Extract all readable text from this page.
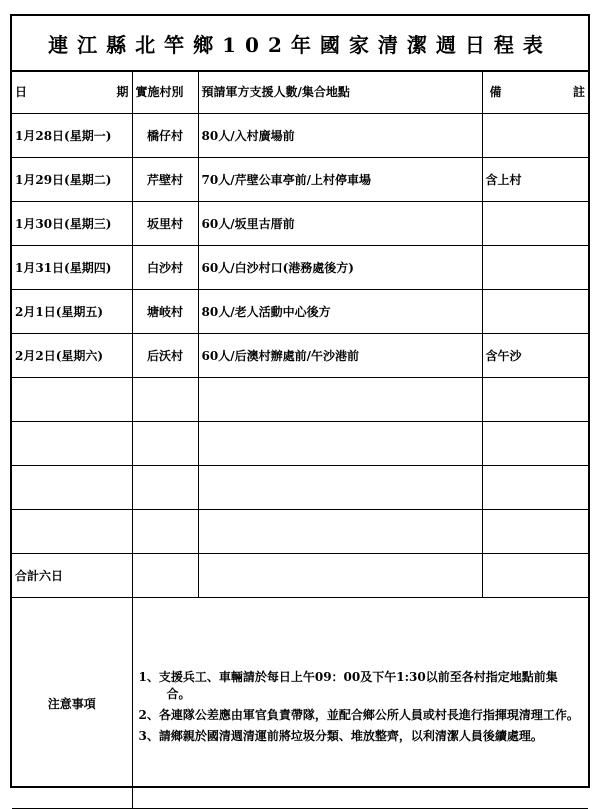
連江縣北竿鄉102年國家清潔週日程表
日 期	實施村別	預請軍方支援人數/集合地點	備 註

1月28日(星期一)	橋仔村	80人/入村廣場前	
1月29日(星期二)	芹壁村	70人/芹壁公車亭前/上村停車場	含上村
1月30日(星期三)	坂里村	60人/坂里古厝前	
1月31日(星期四)	白沙村	60人/白沙村口(港務處後方)	
2月1日(星期五)	塘岐村	80人/老人活動中心後方	
2月2日(星期六)	后沃村	60人/后澳村辦處前/午沙港前	含午沙

合計六日			
注意事項	1、支援兵工、車輛請於每日上午09：00及下午1:30以前至各村指定地點前集合。
2、各連隊公差應由軍官負責帶隊，並配合鄉公所人員或村長進行指揮現清理工作。
3、請鄉親於國清週清運前將垃圾分類、堆放整齊，以利清潔人員後續處理。		
